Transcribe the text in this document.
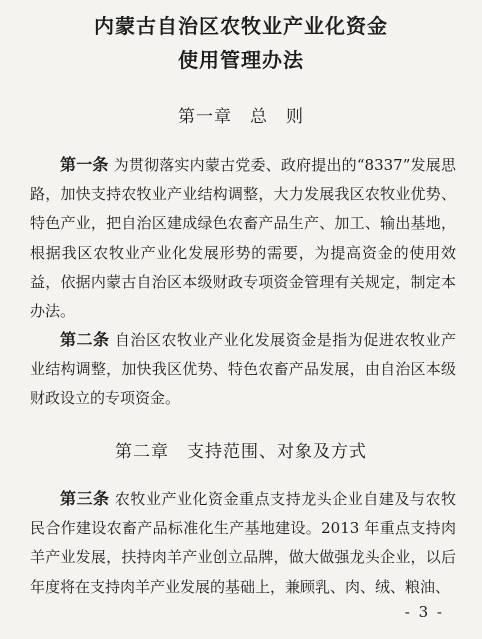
内蒙古自治区农牧业产业化资金
使用管理办法
第一章　总　则

第一条 为贯彻落实内蒙古党委、政府提出的“8337”发展思路，加快支持农牧业产业结构调整，大力发展我区农牧业优势、特色产业，把自治区建成绿色农畜产品生产、加工、输出基地，根据我区农牧业产业化发展形势的需要，为提高资金的使用效益，依据内蒙古自治区本级财政专项资金管理有关规定，制定本办法。

第二条 自治区农牧业产业化发展资金是指为促进农牧业产业结构调整，加快我区优势、特色农畜产品发展，由自治区本级财政设立的专项资金。

第二章　支持范围、对象及方式

第三条 农牧业产业化资金重点支持龙头企业自建及与农牧民合作建设农畜产品标准化生产基地建设。2013 年重点支持肉羊产业发展，扶持肉羊产业创立品牌，做大做强龙头企业，以后年度将在支持肉羊产业发展的基础上，兼顾乳、肉、绒、粮油、

- 3 -
